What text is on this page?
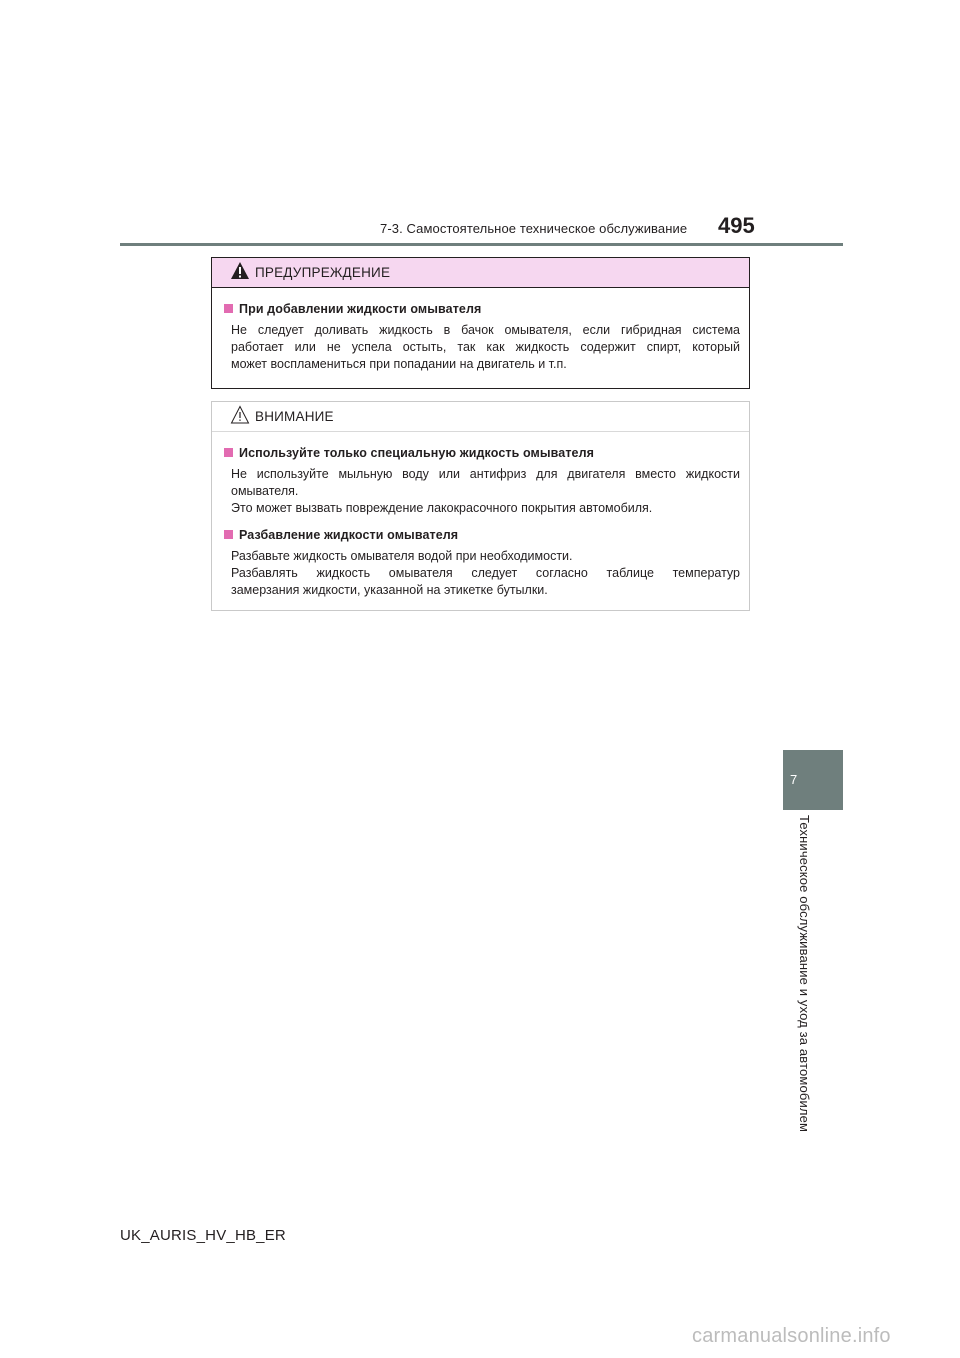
7-3. Самостоятельное техническое обслуживание 495
7
Техническое обслуживание и уход за автомобилем
ПРЕДУПРЕЖДЕНИЕ
При добавлении жидкости омывателя
Не следует доливать жидкость в бачок омывателя, если гибридная система
работает или не успела остыть, так как жидкость содержит спирт, который
может воспламениться при попадании на двигатель и т.п.
ВНИМАНИЕ
Используйте только специальную жидкость омывателя
Не используйте мыльную воду или антифриз для двигателя вместо жидкости
омывателя.
Это может вызвать повреждение лакокрасочного покрытия автомобиля.
Разбавление жидкости омывателя
Разбавьте жидкость омывателя водой при необходимости.
Разбавлять жидкость омывателя следует согласно таблице температур
замерзания жидкости, указанной на этикетке бутылки.
UK_AURIS_HV_HB_ER
carmanualsonline.info
